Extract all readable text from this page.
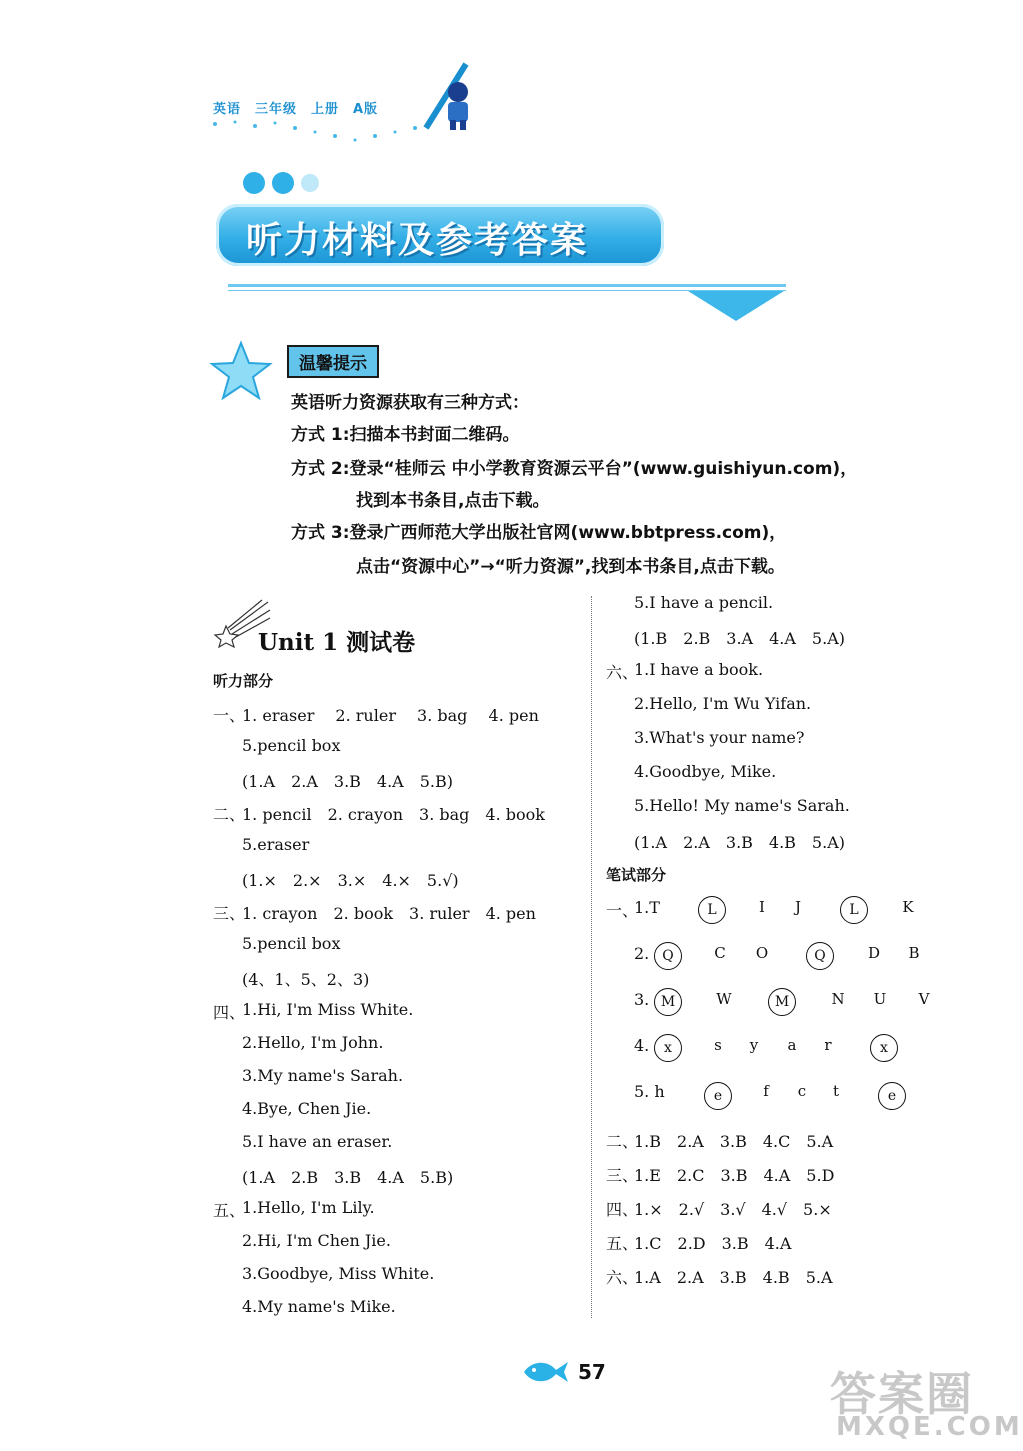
英语　三年级　上册　A版
听力材料及参考答案
温馨提示
英语听力资源获取有三种方式：
方式 1:扫描本书封面二维码。
方式 2:登录“桂师云 中小学教育资源云平台”(www.guishiyun.com)，
找到本书条目,点击下载。
方式 3:登录广西师范大学出版社官网(www.bbtpress.com)，
点击“资源中心”→“听力资源”,找到本书条目,点击下载。
Unit 1 测试卷
听力部分
一、
1. eraser　 2. ruler　 3. bag　 4. pen
5.pencil box
(1.A　2.A　3.B　4.A　5.B)
二、
1. pencil　2. crayon　3. bag　4. book
5.eraser
(1.×　2.×　3.×　4.×　5.√)
三、
1. crayon　2. book　3. ruler　4. pen
5.pencil box
(4、1、5、2、3)
四、
1.Hi, I'm Miss White.
2.Hello, I'm John.
3.My name's Sarah.
4.Bye, Chen Jie.
5.I have an eraser.
(1.A　2.B　3.B　4.A　5.B)
五、
1.Hello, I'm Lily.
2.Hi, I'm Chen Jie.
3.Goodbye, Miss White.
4.My name's Mike.
5.I have a pencil.
(1.B　2.B　3.A　4.A　5.A)
六、
1.I have a book.
2.Hello, I'm Wu Yifan.
3.What's your name?
4.Goodbye, Mike.
5.Hello! My name's Sarah.
(1.A　2.A　3.B　4.B　5.A)
笔试部分
一、
1.T	L	I	J	L	K
2. Q	C O	Q	D B
3. M	W	M	N U	V
4.	x	s	y	a	r	x
5. h	e	f	c	t	e
二、
1.B　2.A　3.B　4.C　5.A
三、
1.E　2.C　3.B　4.A　5.D
四、
1.×　2.√　3.√　4.√　5.×
五、
1.C　2.D　3.B　4.A
六、
1.A　2.A　3.B　4.B　5.A
57	答案圈
MXQE.COM
